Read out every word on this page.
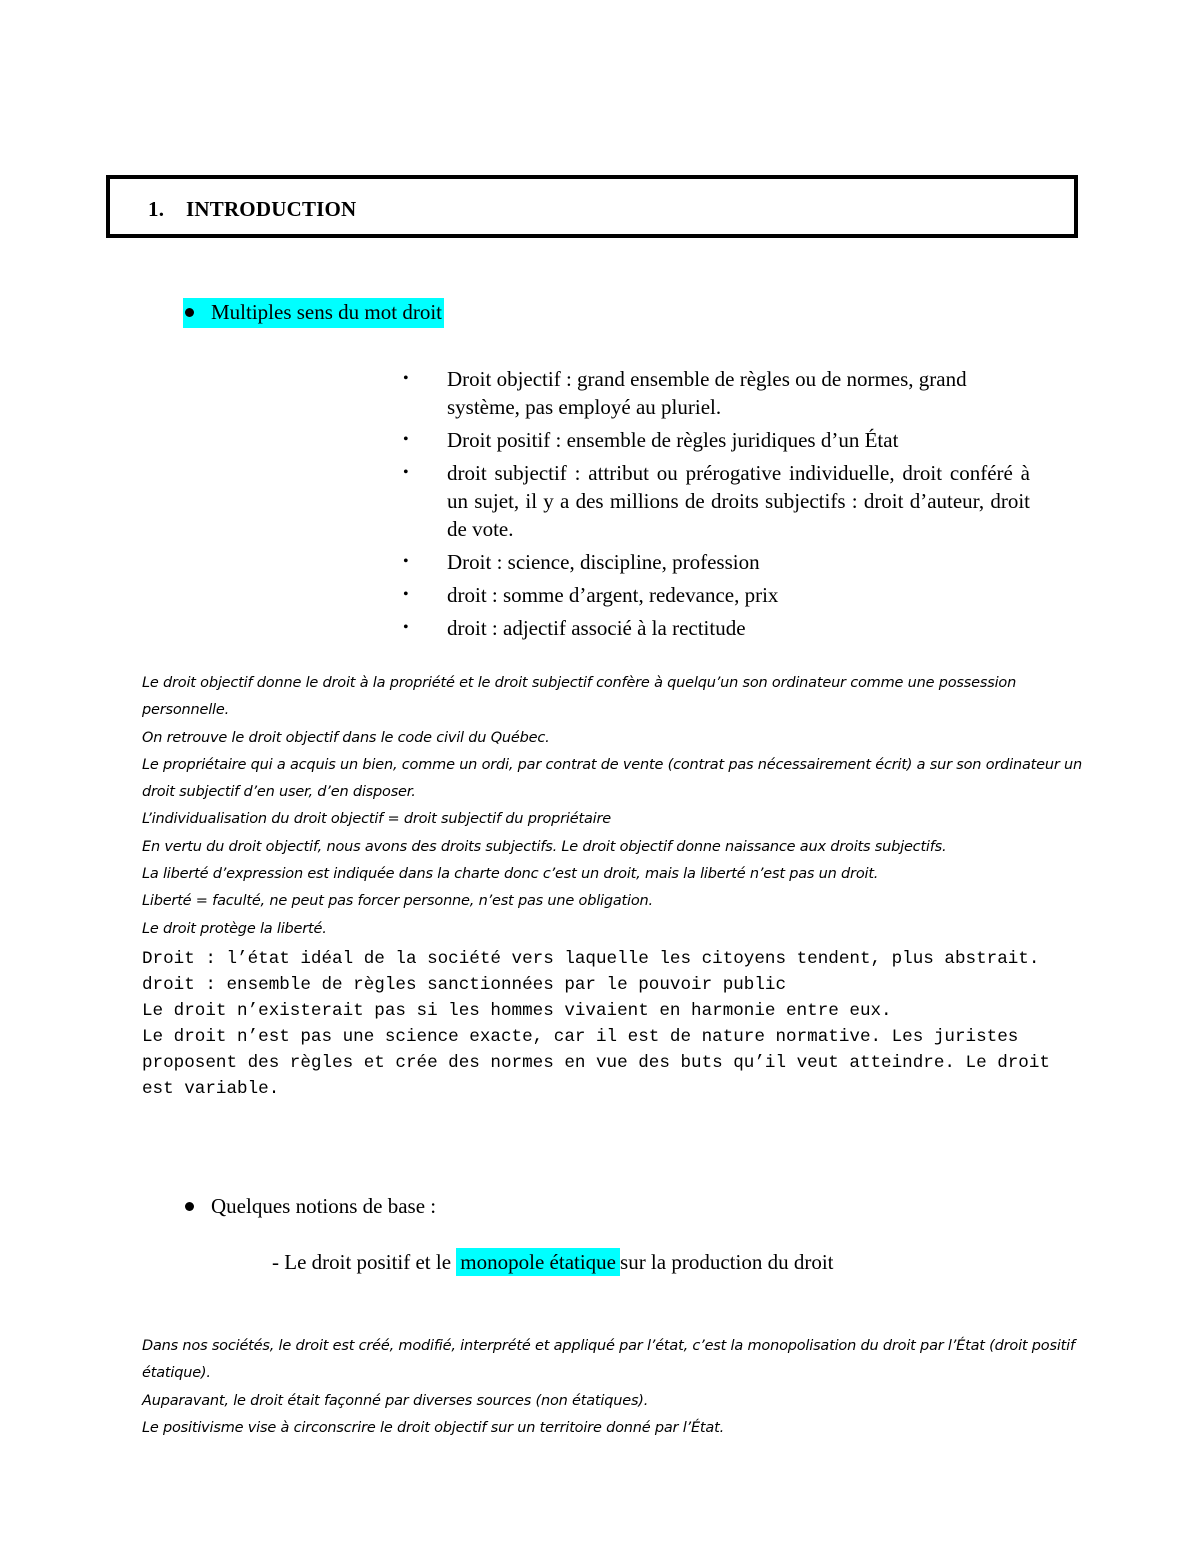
1. INTRODUCTION
Multiples sens du mot droit
• Droit objectif : grand ensemble de règles ou de normes, grand système, pas employé au pluriel.
• Droit positif : ensemble de règles juridiques d’un État
• droit subjectif : attribut ou prérogative individuelle, droit conféré à un sujet, il y a des millions de droits subjectifs : droit d’auteur, droit de vote.
• Droit : science, discipline, profession
• droit : somme d’argent, redevance, prix
• droit : adjectif associé à la rectitude

Le droit objectif donne le droit à la propriété et le droit subjectif confère à quelqu’un son ordinateur comme une possession personnelle.

On retrouve le droit objectif dans le code civil du Québec.

Le propriétaire qui a acquis un bien, comme un ordi, par contrat de vente (contrat pas nécessairement écrit) a sur son ordinateur un droit subjectif d’en user, d’en disposer.

L’individualisation du droit objectif = droit subjectif du propriétaire

En vertu du droit objectif, nous avons des droits subjectifs. Le droit objectif donne naissance aux droits subjectifs.

La liberté d’expression est indiquée dans la charte donc c’est un droit, mais la liberté n’est pas un droit.

Liberté = faculté, ne peut pas forcer personne, n’est pas une obligation.

Le droit protège la liberté.

Droit : l’état idéal de la société vers laquelle les citoyens tendent, plus abstrait.

droit : ensemble de règles sanctionnées par le pouvoir public

Le droit n’existerait pas si les hommes vivaient en harmonie entre eux.

Le droit n’est pas une science exacte, car il est de nature normative. Les juristes proposent des règles et crée des normes en vue des buts qu’il veut atteindre. Le droit est variable.

Quelques notions de base :
- Le droit positif et le monopole étatique sur la production du droit

Dans nos sociétés, le droit est créé, modifié, interprété et appliqué par l’état, c’est la monopolisation du droit par l’État (droit positif étatique).

Auparavant, le droit était façonné par diverses sources (non étatiques).

Le positivisme vise à circonscrire le droit objectif sur un territoire donné par l’État.
